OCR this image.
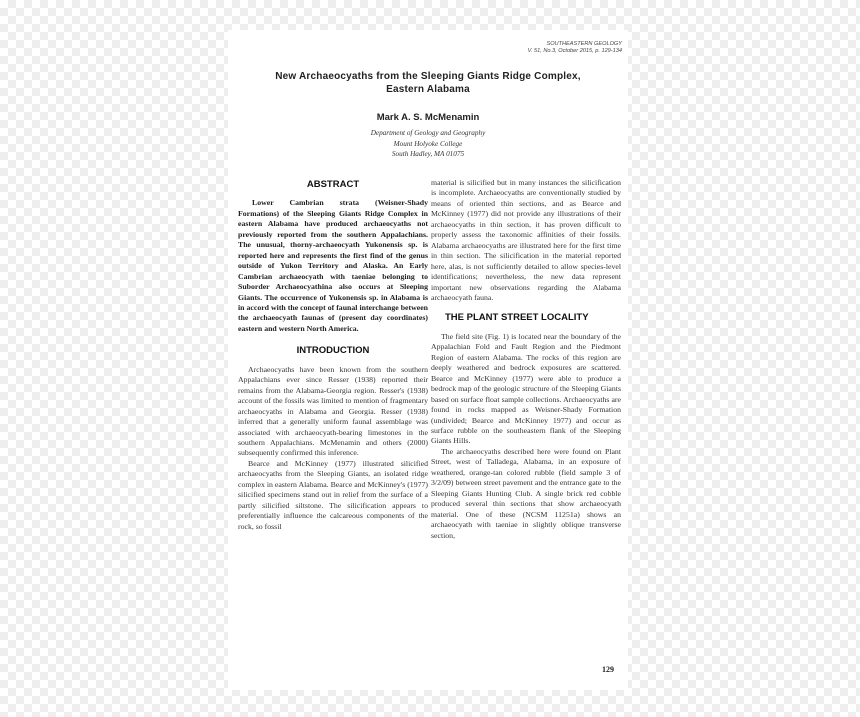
SOUTHEASTERN GEOLOGY
V. 51, No.3, October 2015, p. 129-134
New Archaeocyaths from the Sleeping Giants Ridge Complex,
Eastern Alabama
Mark A. S. McMenamin
Department of Geology and Geography
Mount Holyoke College
South Hadley, MA 01075
ABSTRACT

Lower Cambrian strata (Weisner-Shady Formations) of the Sleeping Giants Ridge Complex in eastern Alabama have produced archaeocyaths not previously reported from the southern Appalachians. The unusual, thorny-archaeocyath Yukonensis sp. is reported here and represents the first find of the genus outside of Yukon Territory and Alaska. An Early Cambrian archaeocyath with taeniae belonging to Suborder Archaeocyathina also occurs at Sleeping Giants. The occurrence of Yukonensis sp. in Alabama is in accord with the concept of faunal interchange between the archaeocyath faunas of (present day coordinates) eastern and western North America.

INTRODUCTION

Archaeocyaths have been known from the southern Appalachians ever since Resser (1938) reported their remains from the Alabama-Georgia region. Resser's (1938) account of the fossils was limited to mention of fragmentary archaeocyaths in Alabama and Georgia. Resser (1938) inferred that a generally uniform faunal assemblage was associated with archaeocyath-bearing limestones in the southern Appalachians. McMenamin and others (2000) subsequently confirmed this inference.

Bearce and McKinney (1977) illustrated silicified archaeocyaths from the Sleeping Giants, an isolated ridge complex in eastern Alabama. Bearce and McKinney's (1977) silicified specimens stand out in relief from the surface of a partly silicified siltstone. The silicification appears to preferentially influence the calcareous components of the rock, so fossil

material is silicified but in many instances the silicification is incomplete. Archaeocyaths are conventionally studied by means of oriented thin sections, and as Bearce and McKinney (1977) did not provide any illustrations of their archaeocyaths in thin section, it has proven difficult to properly assess the taxonomic affinities of their fossils. Alabama archaeocyaths are illustrated here for the first time in thin section. The silicification in the material reported here, alas, is not sufficiently detailed to allow species-level identifications; nevertheless, the new data represent important new observations regarding the Alabama archaeocyath fauna.

THE PLANT STREET LOCALITY

The field site (Fig. 1) is located near the boundary of the Appalachian Fold and Fault Region and the Piedmont Region of eastern Alabama. The rocks of this region are deeply weathered and bedrock exposures are scattered. Bearce and McKinney (1977) were able to produce a bedrock map of the geologic structure of the Sleeping Giants based on surface float sample collections. Archaeocyaths are found in rocks mapped as Weisner-Shady Formation (undivided; Bearce and McKinney 1977) and occur as surface rubble on the southeastern flank of the Sleeping Giants Hills.

The archaeocyaths described here were found on Plant Street, west of Talladega, Alabama, in an exposure of weathered, orange-tan colored rubble (field sample 3 of 3/2/09) between street pavement and the entrance gate to the Sleeping Giants Hunting Club. A single brick red cobble produced several thin sections that show archaeocyath material. One of these (NCSM 11251a) shows an archaeocyath with taeniae in slightly oblique transverse section,

129
